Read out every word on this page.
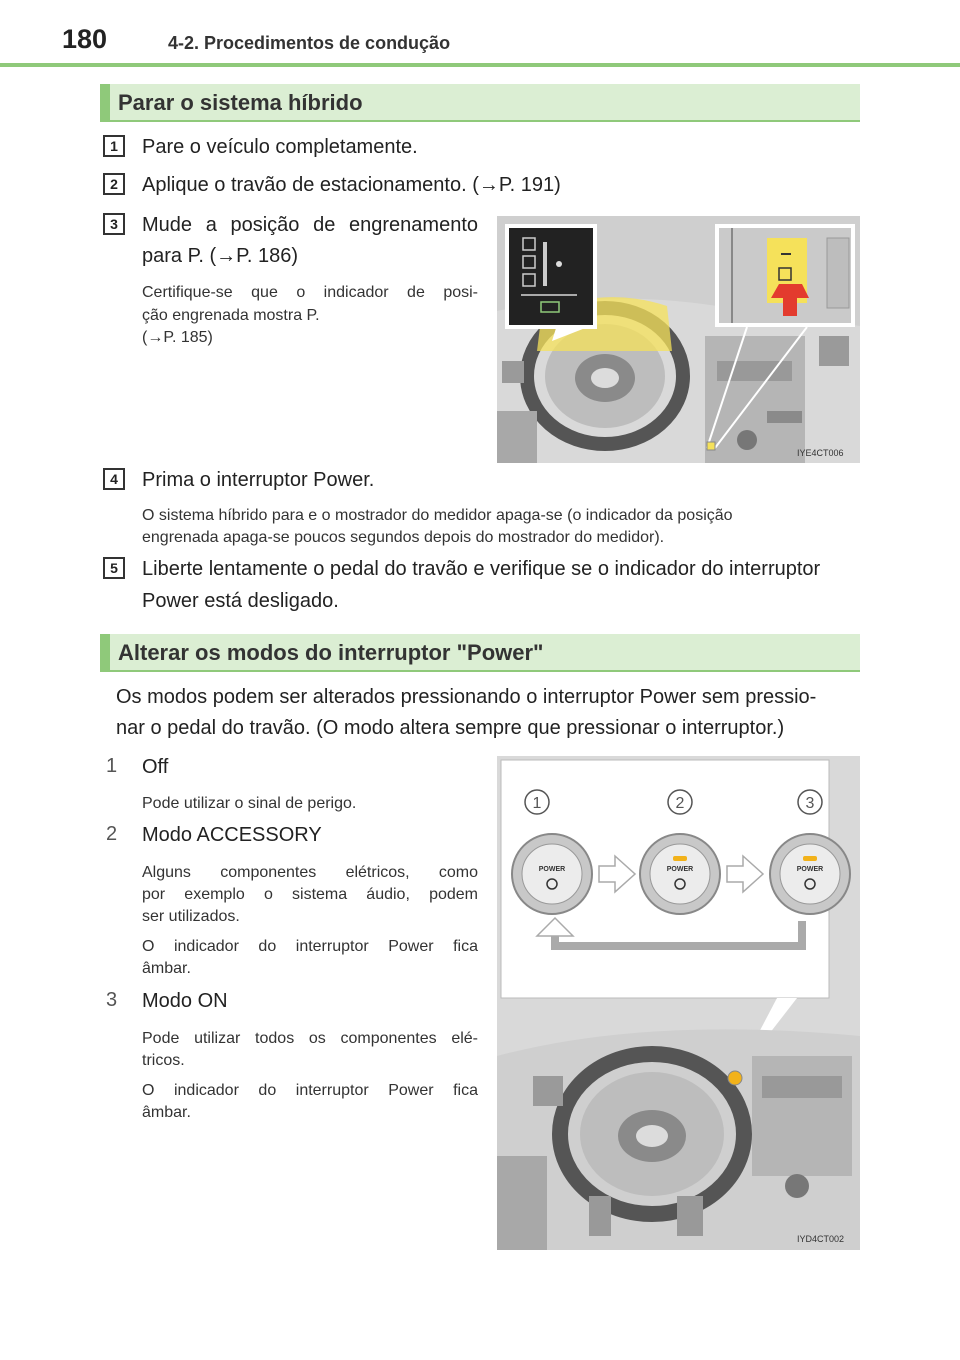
180	4-2. Procedimentos de condução
Parar o sistema híbrido
1	Pare o veículo completamente.
2	Aplique o travão de estacionamento. (→P. 191)
3	Mude a posição de engrenamento
para P. (→P. 186)
Certifique-se que o indicador de posi-
ção engrenada mostra P.
(→P. 185)
IYE4CT006
4	Prima o interruptor Power.
O sistema híbrido para e o mostrador do medidor apaga-se (o indicador da posição
engrenada apaga-se poucos segundos depois do mostrador do medidor).
5	Liberte lentamente o pedal do travão e verifique se o indicador do interruptor
Power está desligado.
Alterar os modos do interruptor "Power"
Os modos podem ser alterados pressionando o interruptor Power sem pressio-
nar o pedal do travão. (O modo altera sempre que pressionar o interruptor.)
1 Off
Pode utilizar o sinal de perigo.
2 Modo ACCESSORY
Alguns componentes elétricos, como
por exemplo o sistema áudio, podem
ser utilizados.
O indicador do interruptor Power fica
âmbar.
3 Modo ON
Pode utilizar todos os componentes elé-
tricos.
O indicador do interruptor Power fica
âmbar.
1	2	3
POWER	POWER	POWER
IYD4CT002
